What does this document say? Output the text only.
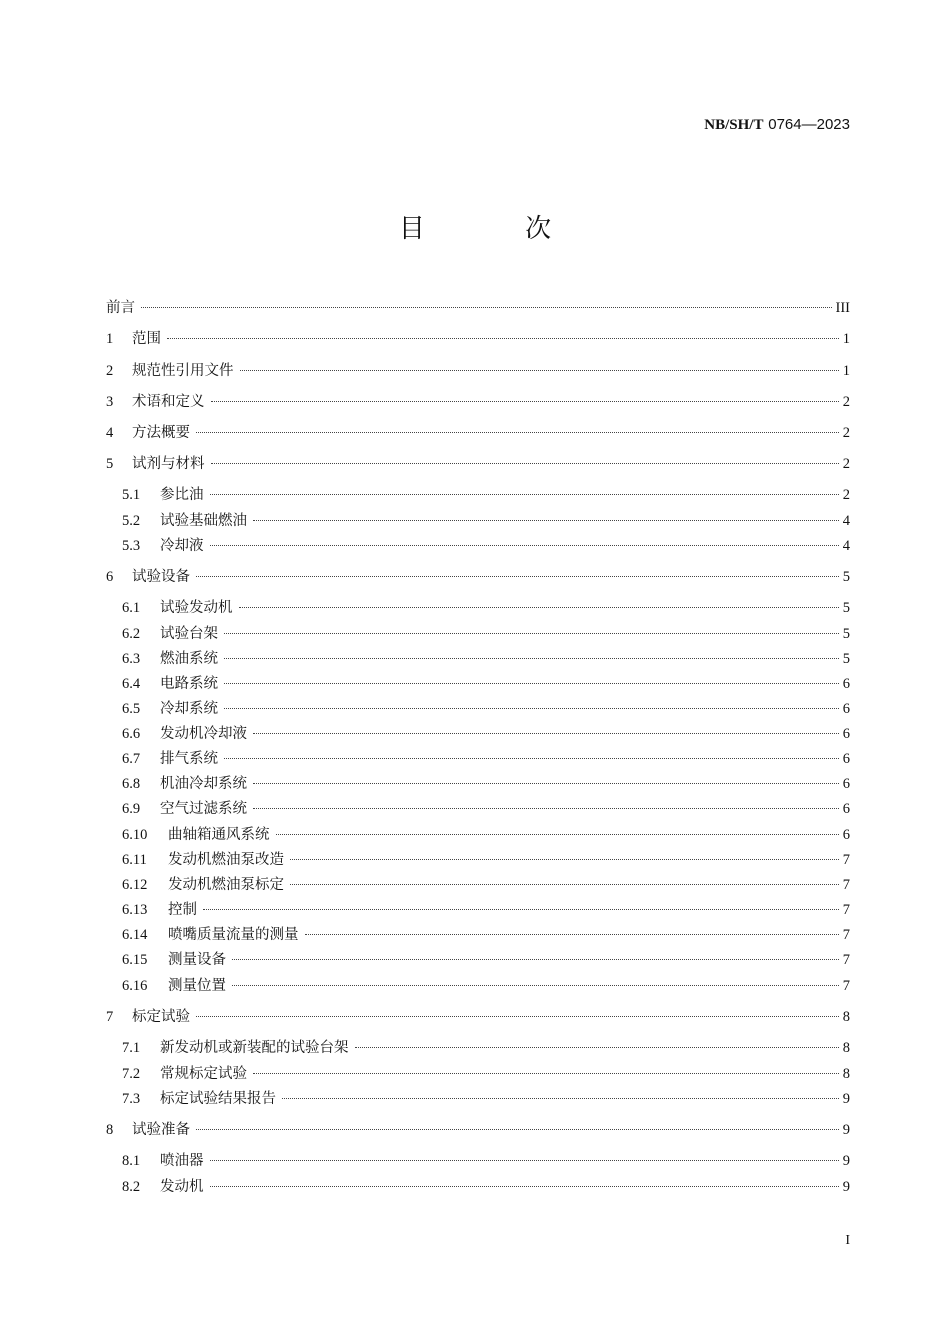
NB/SH/T 0764—2023
目 次
前言	III
1	范围	1
2	规范性引用文件	1
3	术语和定义	2
4	方法概要	2
5	试剂与材料	2
5.1	参比油	2
5.2	试验基础燃油	4
5.3	冷却液	4
6	试验设备	5
6.1	试验发动机	5
6.2	试验台架	5
6.3	燃油系统	5
6.4	电路系统	6
6.5	冷却系统	6
6.6	发动机冷却液	6
6.7	排气系统	6
6.8	机油冷却系统	6
6.9	空气过滤系统	6
6.10	曲轴箱通风系统	6
6.11	发动机燃油泵改造	7
6.12	发动机燃油泵标定	7
6.13	控制	7
6.14	喷嘴质量流量的测量	7
6.15	测量设备	7
6.16	测量位置	7
7	标定试验	8
7.1	新发动机或新装配的试验台架	8
7.2	常规标定试验	8
7.3	标定试验结果报告	9
8	试验准备	9
8.1	喷油器	9
8.2	发动机	9
I
